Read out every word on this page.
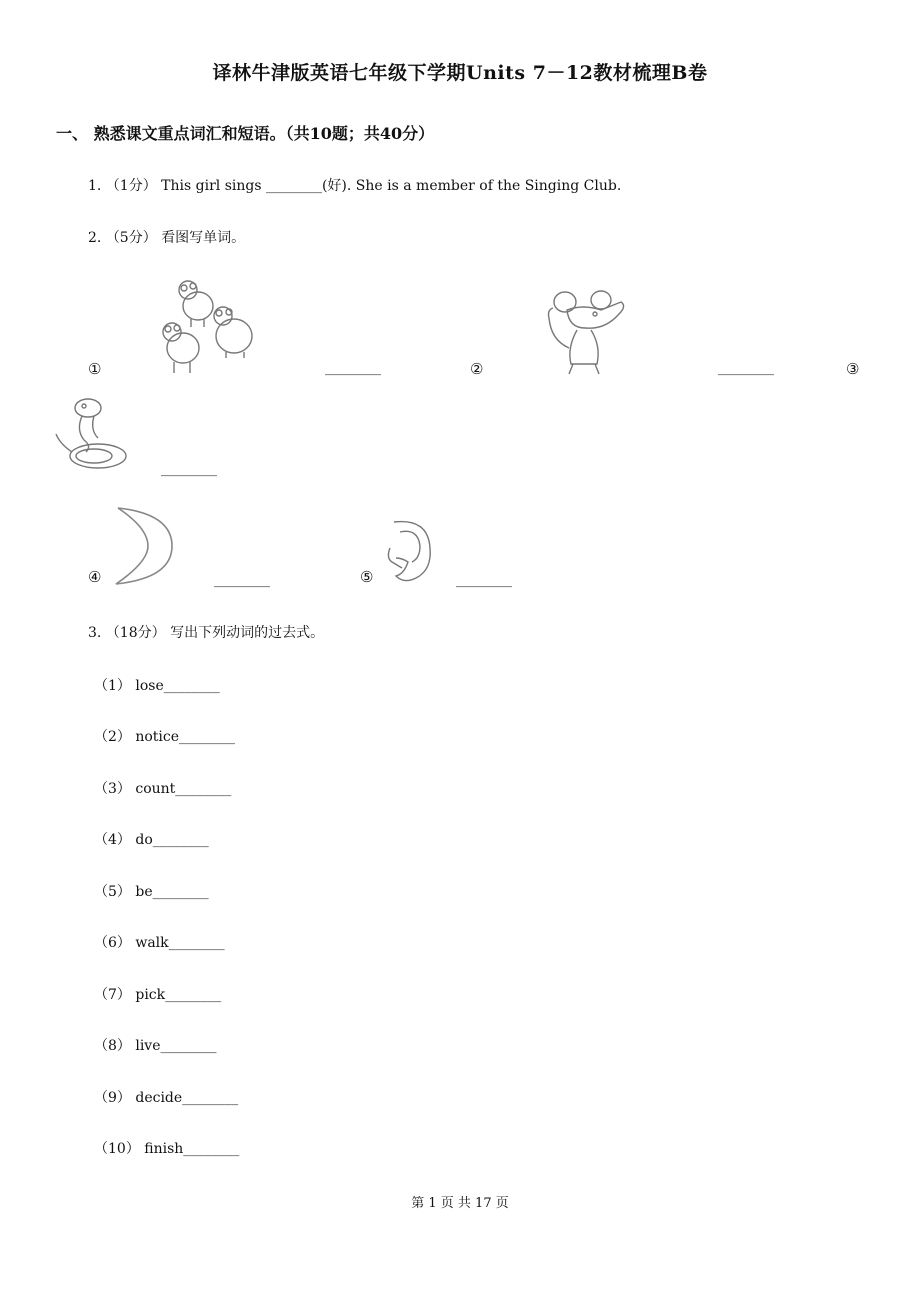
译林牛津版英语七年级下学期Units 7－12教材梳理B卷
一、 熟悉课文重点词汇和短语。（共10题；共40分）
1. （1分） This girl sings ________(好). She is a member of the Singing Club.
2. （5分） 看图写单词。
①	________	②	________	③
________
④	________	⑤	________
3. （18分） 写出下列动词的过去式。
（1） lose________
（2） notice________
（3） count________
（4） do________
（5） be________
（6） walk________
（7） pick________
（8） live________
（9） decide________
（10） finish________
第 1 页 共 17 页
